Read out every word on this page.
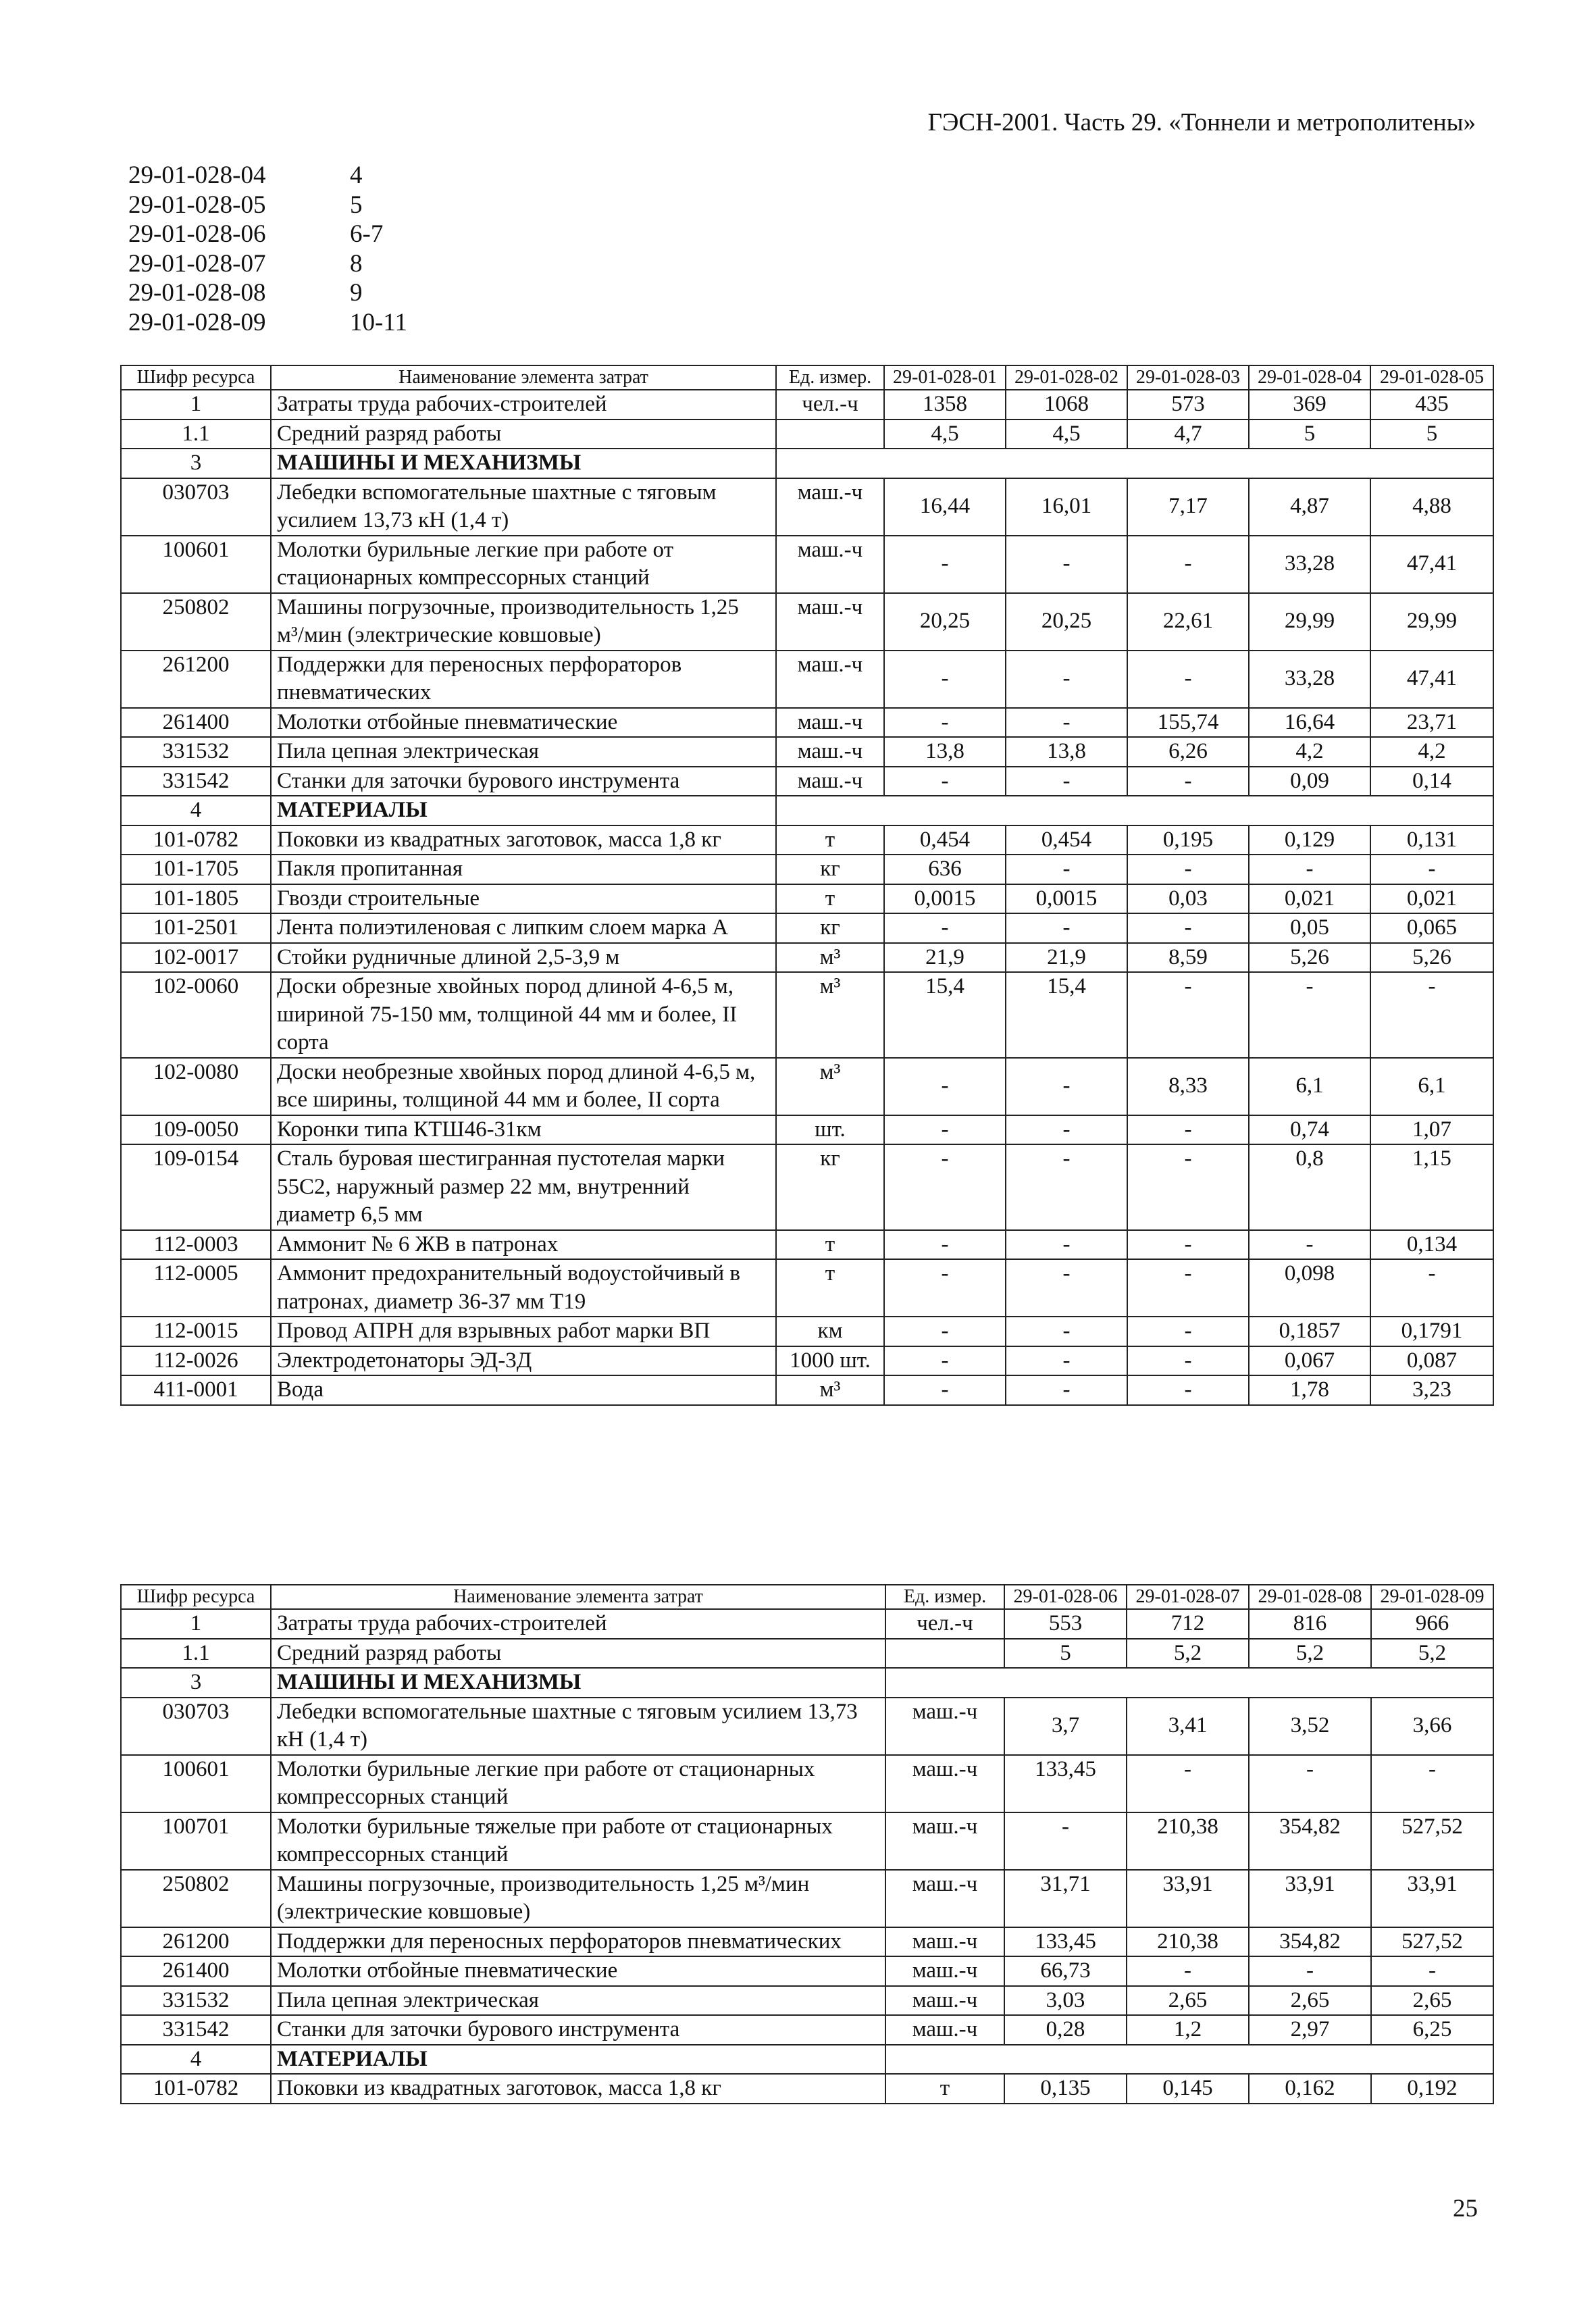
ГЭСН-2001. Часть 29. «Тоннели и метрополитены»
29-01-028-04	4
29-01-028-05	5
29-01-028-06	6-7
29-01-028-07	8
29-01-028-08	9
29-01-028-09	10-11
Шифр ресурса	Наименование элемента затрат	Ед. измер.	29-01-028-01	29-01-028-02	29-01-028-03	29-01-028-04	29-01-028-05
1	Затраты труда рабочих-строителей	чел.-ч	1358	1068	573	369	435
1.1	Средний разряд работы		4,5	4,5	4,7	5	5
3	МАШИНЫ И МЕХАНИЗМЫ						
030703	Лебедки вспомогательные шахтные с тяговым усилием 13,73 кН (1,4 т)	маш.-ч	16,44	16,01	7,17	4,87	4,88
100601	Молотки бурильные легкие при работе от стационарных компрессорных станций	маш.-ч	-	-	-	33,28	47,41
250802	Машины погрузочные, производительность 1,25 м³/мин (электрические ковшовые)	маш.-ч	20,25	20,25	22,61	29,99	29,99
261200	Поддержки для переносных перфораторов пневматических	маш.-ч	-	-	-	33,28	47,41
261400	Молотки отбойные пневматические	маш.-ч	-	-	155,74	16,64	23,71
331532	Пила цепная электрическая	маш.-ч	13,8	13,8	6,26	4,2	4,2
331542	Станки для заточки бурового инструмента	маш.-ч	-	-	-	0,09	0,14
4	МАТЕРИАЛЫ						
101-0782	Поковки из квадратных заготовок, масса 1,8 кг	т	0,454	0,454	0,195	0,129	0,131
101-1705	Пакля пропитанная	кг	636	-	-	-	-
101-1805	Гвозди строительные	т	0,0015	0,0015	0,03	0,021	0,021
101-2501	Лента полиэтиленовая с липким слоем марка А	кг	-	-	-	0,05	0,065
102-0017	Стойки рудничные длиной 2,5-3,9 м	м³	21,9	21,9	8,59	5,26	5,26
102-0060	Доски обрезные хвойных пород длиной 4-6,5 м, шириной 75-150 мм, толщиной 44 мм и более, II сорта	м³	15,4	15,4	-	-	-
102-0080	Доски необрезные хвойных пород длиной 4-6,5 м, все ширины, толщиной 44 мм и более, II сорта	м³	-	-	8,33	6,1	6,1
109-0050	Коронки типа КТШ46-31км	шт.	-	-	-	0,74	1,07
109-0154	Сталь буровая шестигранная пустотелая марки 55С2, наружный размер 22 мм, внутренний диаметр 6,5 мм	кг	-	-	-	0,8	1,15
112-0003	Аммонит № 6 ЖВ в патронах	т	-	-	-	-	0,134
112-0005	Аммонит предохранительный водоустойчивый в патронах, диаметр 36-37 мм Т19	т	-	-	-	0,098	-
112-0015	Провод АПРН для взрывных работ марки ВП	км	-	-	-	0,1857	0,1791
112-0026	Электродетонаторы ЭД-3Д	1000 шт.	-	-	-	0,067	0,087
411-0001	Вода	м³	-	-	-	1,78	3,23
Шифр ресурса	Наименование элемента затрат	Ед. измер.	29-01-028-06	29-01-028-07	29-01-028-08	29-01-028-09
1	Затраты труда рабочих-строителей	чел.-ч	553	712	816	966
1.1	Средний разряд работы		5	5,2	5,2	5,2
3	МАШИНЫ И МЕХАНИЗМЫ					
030703	Лебедки вспомогательные шахтные с тяговым усилием 13,73 кН (1,4 т)	маш.-ч	3,7	3,41	3,52	3,66
100601	Молотки бурильные легкие при работе от стационарных компрессорных станций	маш.-ч	133,45	-	-	-
100701	Молотки бурильные тяжелые при работе от стационарных компрессорных станций	маш.-ч	-	210,38	354,82	527,52
250802	Машины погрузочные, производительность 1,25 м³/мин (электрические ковшовые)	маш.-ч	31,71	33,91	33,91	33,91
261200	Поддержки для переносных перфораторов пневматических	маш.-ч	133,45	210,38	354,82	527,52
261400	Молотки отбойные пневматические	маш.-ч	66,73	-	-	-
331532	Пила цепная электрическая	маш.-ч	3,03	2,65	2,65	2,65
331542	Станки для заточки бурового инструмента	маш.-ч	0,28	1,2	2,97	6,25
4	МАТЕРИАЛЫ					
101-0782	Поковки из квадратных заготовок, масса 1,8 кг	т	0,135	0,145	0,162	0,192
25
